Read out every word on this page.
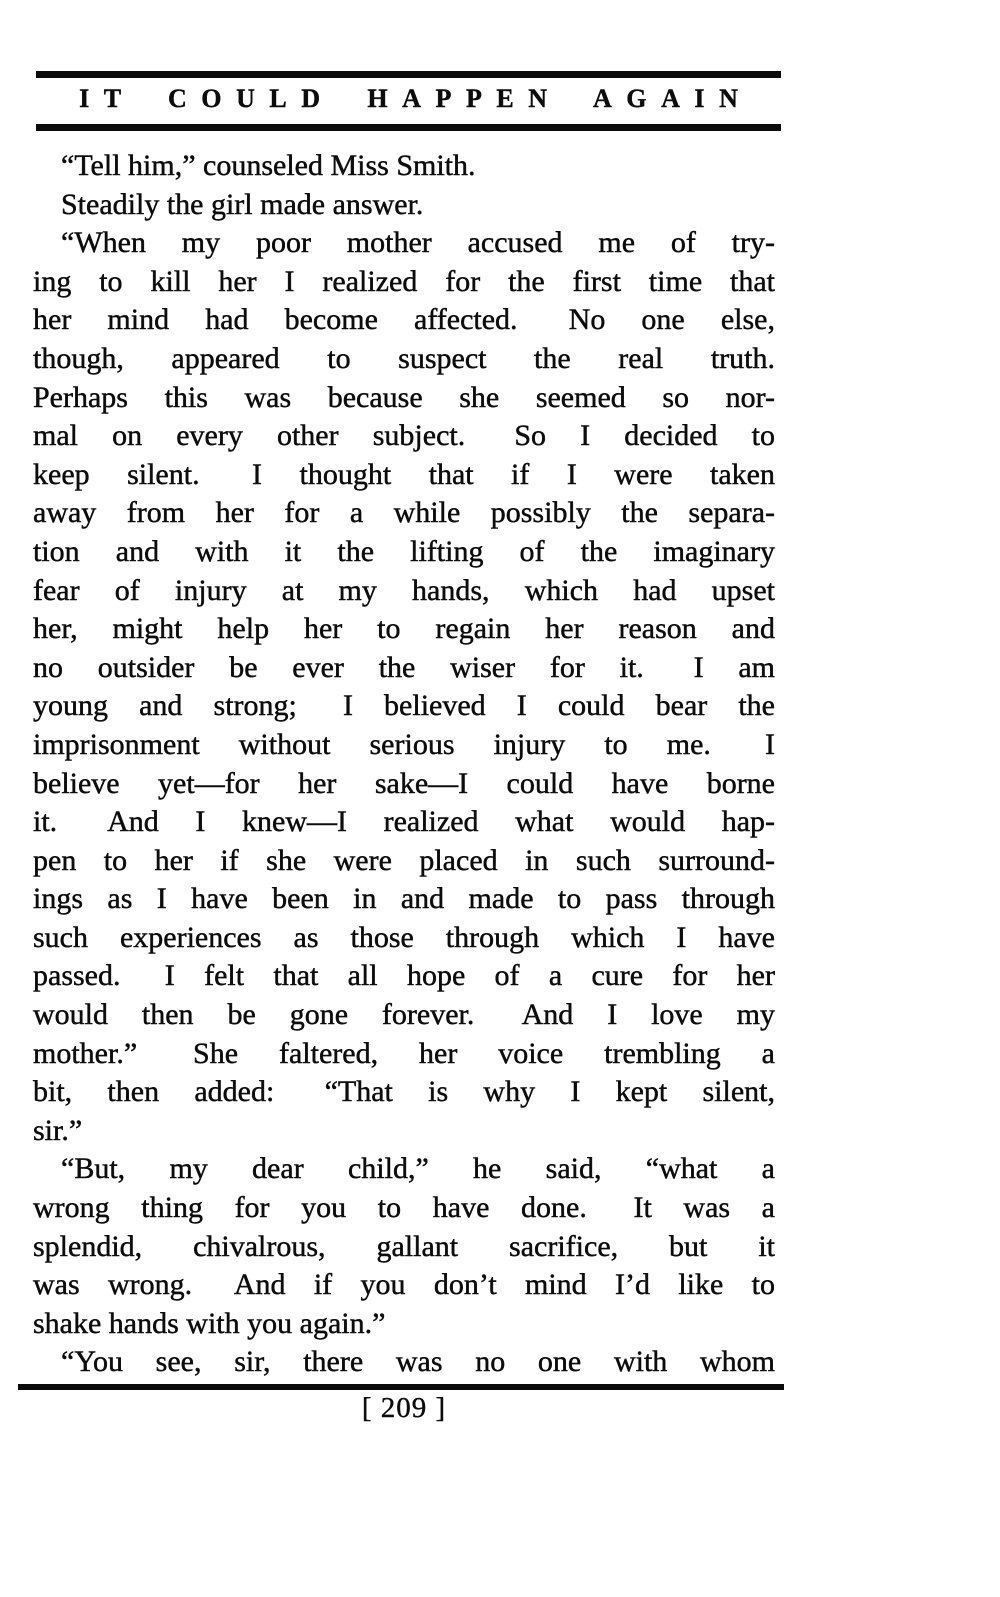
IT COULD HAPPEN AGAIN
“Tell him,” counseled Miss Smith.
Steadily the girl made answer.
“When my poor mother accused me of try-
ing to kill her I realized for the first time that
her mind had become affected.  No one else,
though, appeared to suspect the real truth.
Perhaps this was because she seemed so nor-
mal on every other subject.  So I decided to
keep silent.  I thought that if I were taken
away from her for a while possibly the separa-
tion and with it the lifting of the imaginary
fear of injury at my hands, which had upset
her, might help her to regain her reason and
no outsider be ever the wiser for it.  I am
young and strong;  I believed I could bear the
imprisonment without serious injury to me.  I
believe yet—for her sake—I could have borne
it.  And I knew—I realized what would hap-
pen to her if she were placed in such surround-
ings as I have been in and made to pass through
such experiences as those through which I have
passed.  I felt that all hope of a cure for her
would then be gone forever.  And I love my
mother.”  She faltered, her voice trembling a
bit, then added:  “That is why I kept silent,
sir.”
“But, my dear child,” he said, “what a
wrong thing for you to have done.  It was a
splendid, chivalrous, gallant sacrifice, but it
was wrong.  And if you don’t mind I’d like to
shake hands with you again.”
“You see, sir, there was no one with whom
[ 209 ]
